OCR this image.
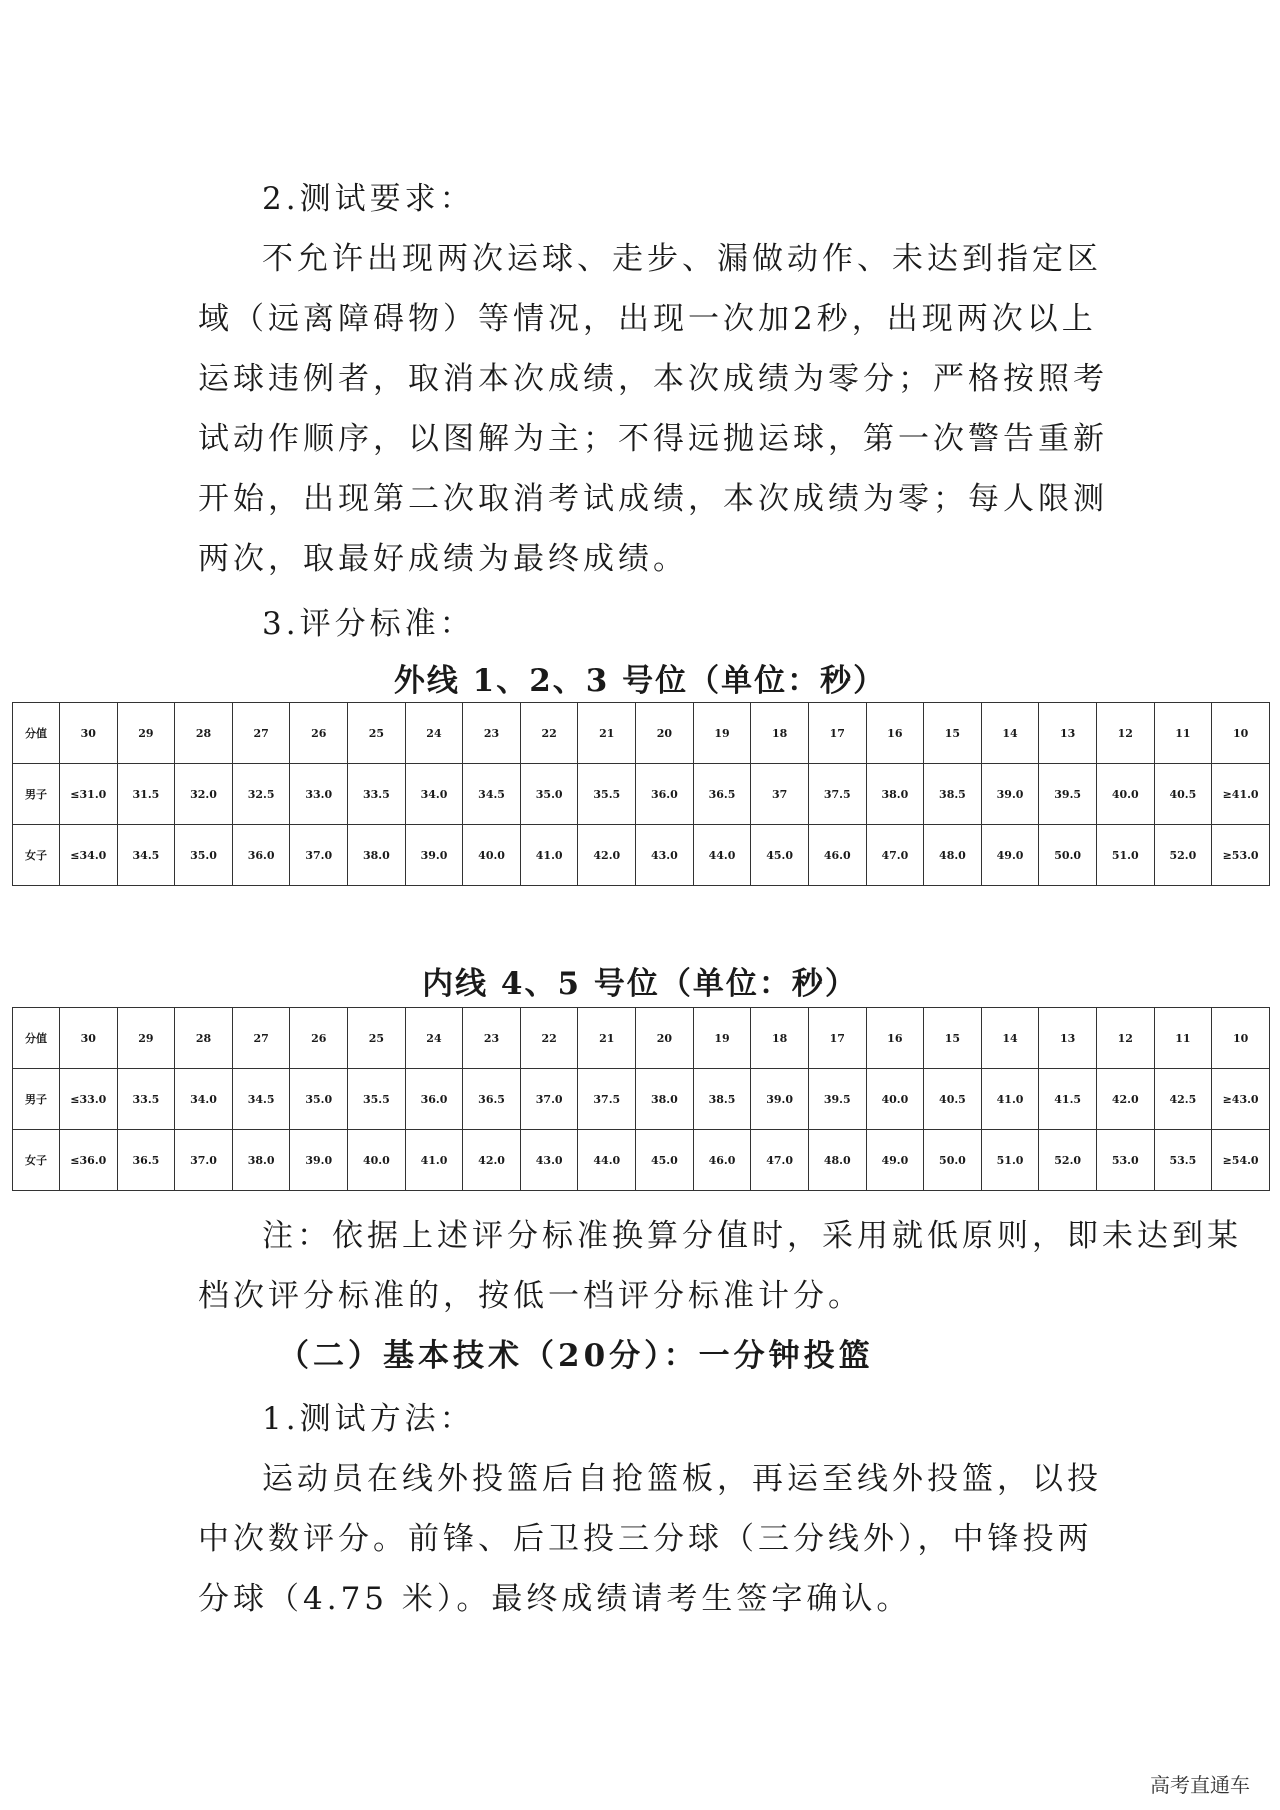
2.测试要求：

不允许出现两次运球、走步、漏做动作、未达到指定区

域（远离障碍物）等情况，出现一次加2秒，出现两次以上

运球违例者，取消本次成绩，本次成绩为零分；严格按照考

试动作顺序，以图解为主；不得远抛运球，第一次警告重新

开始，出现第二次取消考试成绩，本次成绩为零；每人限测

两次，取最好成绩为最终成绩。

3.评分标准：

外线 1、2、3 号位（单位：秒）

分值	30	29	28	27	26	25	24	23	22	21	20	19	18	17	16	15	14	13	12	11	10
男子	≤31.0	31.5	32.0	32.5	33.0	33.5	34.0	34.5	35.0	35.5	36.0	36.5	37	37.5	38.0	38.5	39.0	39.5	40.0	40.5	≥41.0
女子	≤34.0	34.5	35.0	36.0	37.0	38.0	39.0	40.0	41.0	42.0	43.0	44.0	45.0	46.0	47.0	48.0	49.0	50.0	51.0	52.0	≥53.0

内线 4、5 号位（单位：秒）

分值	30	29	28	27	26	25	24	23	22	21	20	19	18	17	16	15	14	13	12	11	10
男子	≤33.0	33.5	34.0	34.5	35.0	35.5	36.0	36.5	37.0	37.5	38.0	38.5	39.0	39.5	40.0	40.5	41.0	41.5	42.0	42.5	≥43.0
女子	≤36.0	36.5	37.0	38.0	39.0	40.0	41.0	42.0	43.0	44.0	45.0	46.0	47.0	48.0	49.0	50.0	51.0	52.0	53.0	53.5	≥54.0

注：依据上述评分标准换算分值时，采用就低原则，即未达到某

档次评分标准的，按低一档评分标准计分。

（二）基本技术（20分）：一分钟投篮

1.测试方法：

运动员在线外投篮后自抢篮板，再运至线外投篮，以投

中次数评分。前锋、后卫投三分球（三分线外），中锋投两

分球（4.75 米）。最终成绩请考生签字确认。

高考直通车
